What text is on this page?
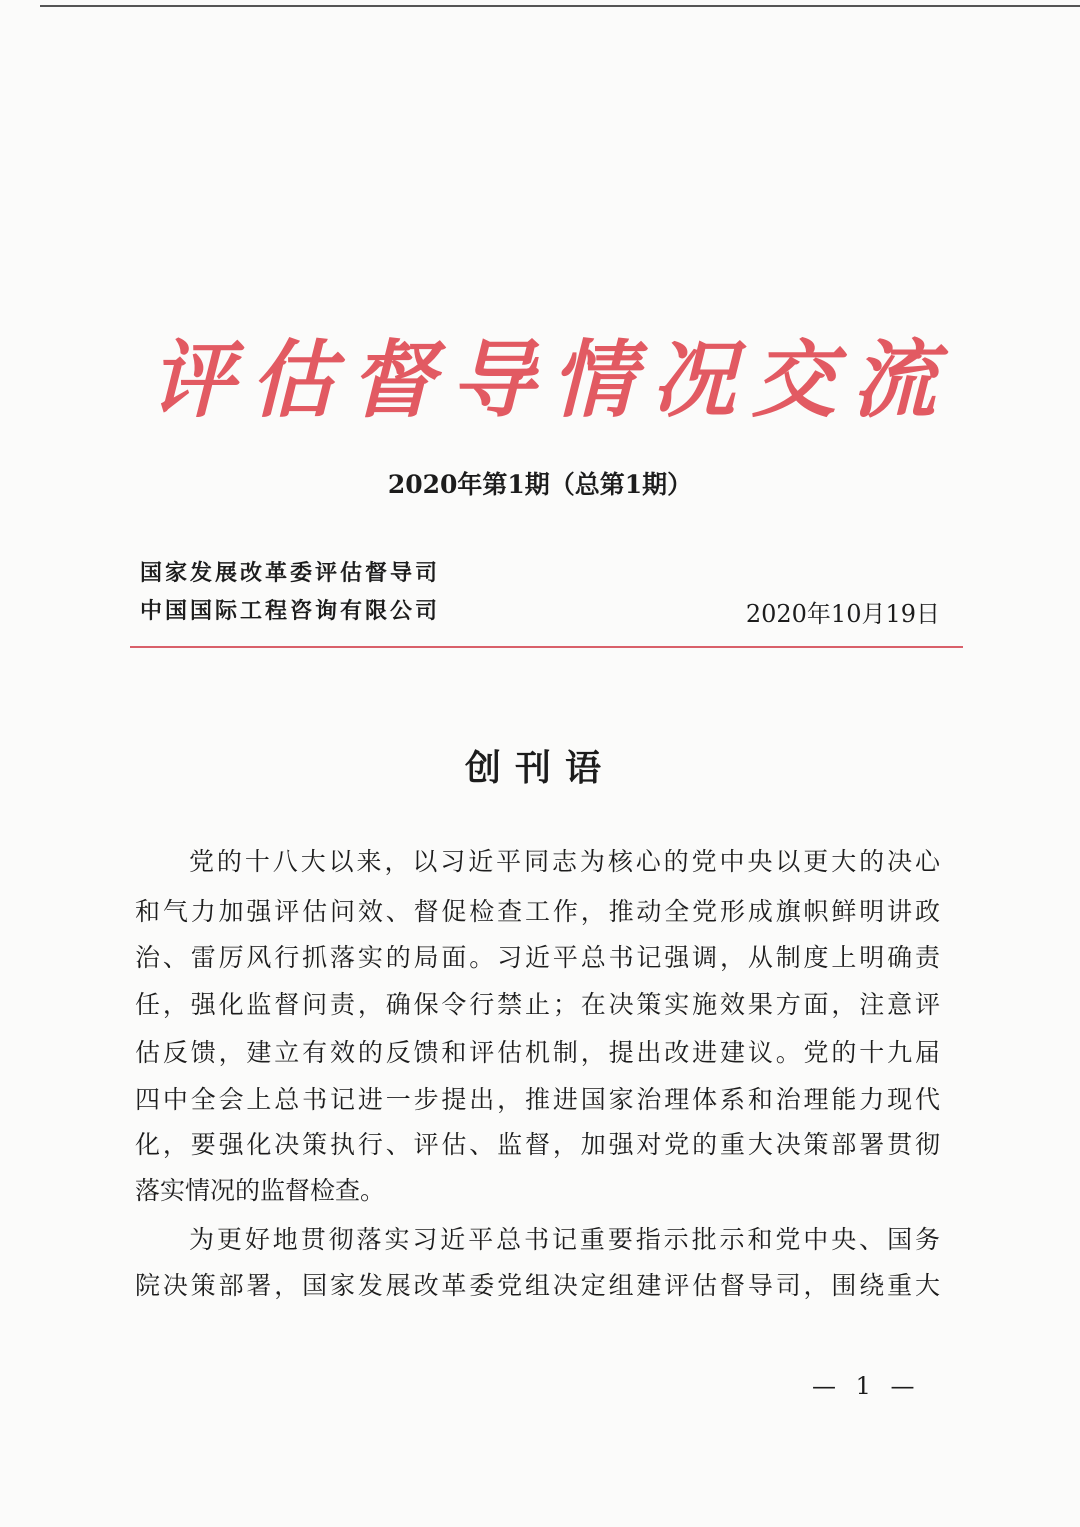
评估督导情况交流
2020年第1期（总第1期）
国家发展改革委评估督导司
中国国际工程咨询有限公司	2020年10月19日
创刊语
党的十八大以来，以习近平同志为核心的党中央以更大的决心
和气力加强评估问效、督促检查工作，推动全党形成旗帜鲜明讲政
治、雷厉风行抓落实的局面。习近平总书记强调，从制度上明确责
任，强化监督问责，确保令行禁止；在决策实施效果方面，注意评
估反馈，建立有效的反馈和评估机制，提出改进建议。党的十九届
四中全会上总书记进一步提出，推进国家治理体系和治理能力现代
化，要强化决策执行、评估、监督，加强对党的重大决策部署贯彻
落实情况的监督检查。
为更好地贯彻落实习近平总书记重要指示批示和党中央、国务
院决策部署，国家发展改革委党组决定组建评估督导司，围绕重大
— 1 —
